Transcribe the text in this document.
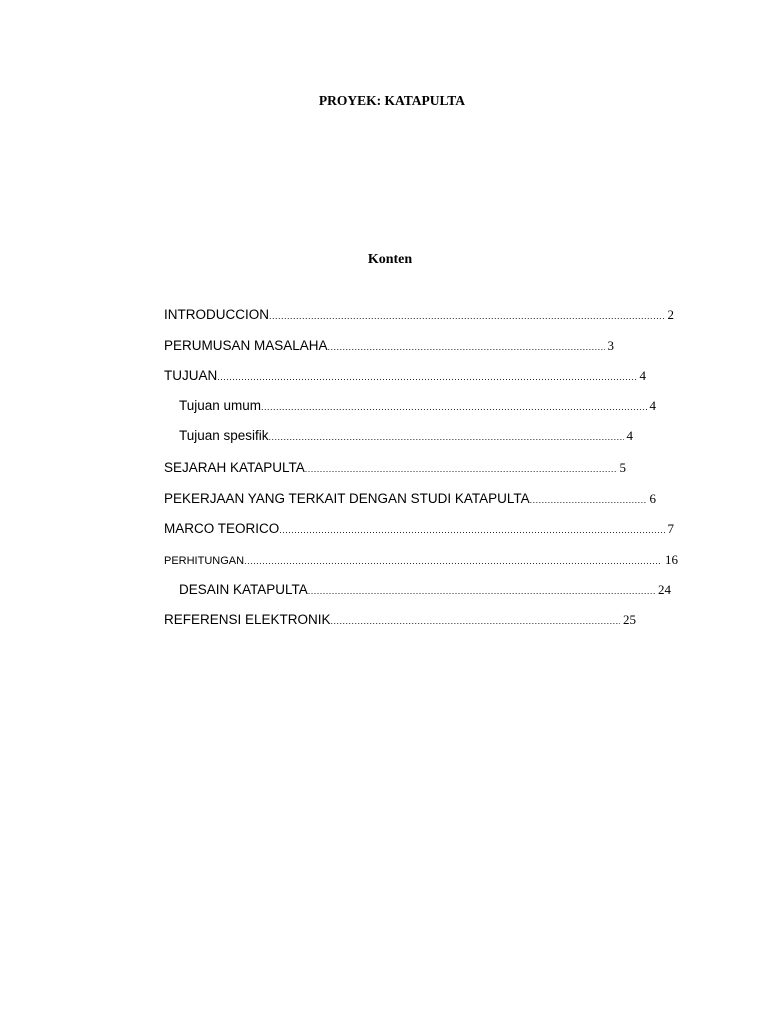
PROYEK: KATAPULTA
Konten
INTRODUCCION .....	2
PERUMUSAN MASALAHA .....	3
TUJUAN .....	4
Tujuan umum .....	4
Tujuan spesifik .....	4
SEJARAH KATAPULTA .....	5
PEKERJAAN YANG TERKAIT DENGAN STUDI KATAPULTA .....	6
MARCO TEORICO .....	7
PERHITUNGAN .....	16
DESAIN KATAPULTA .....	24
REFERENSI ELEKTRONIK .....	25
